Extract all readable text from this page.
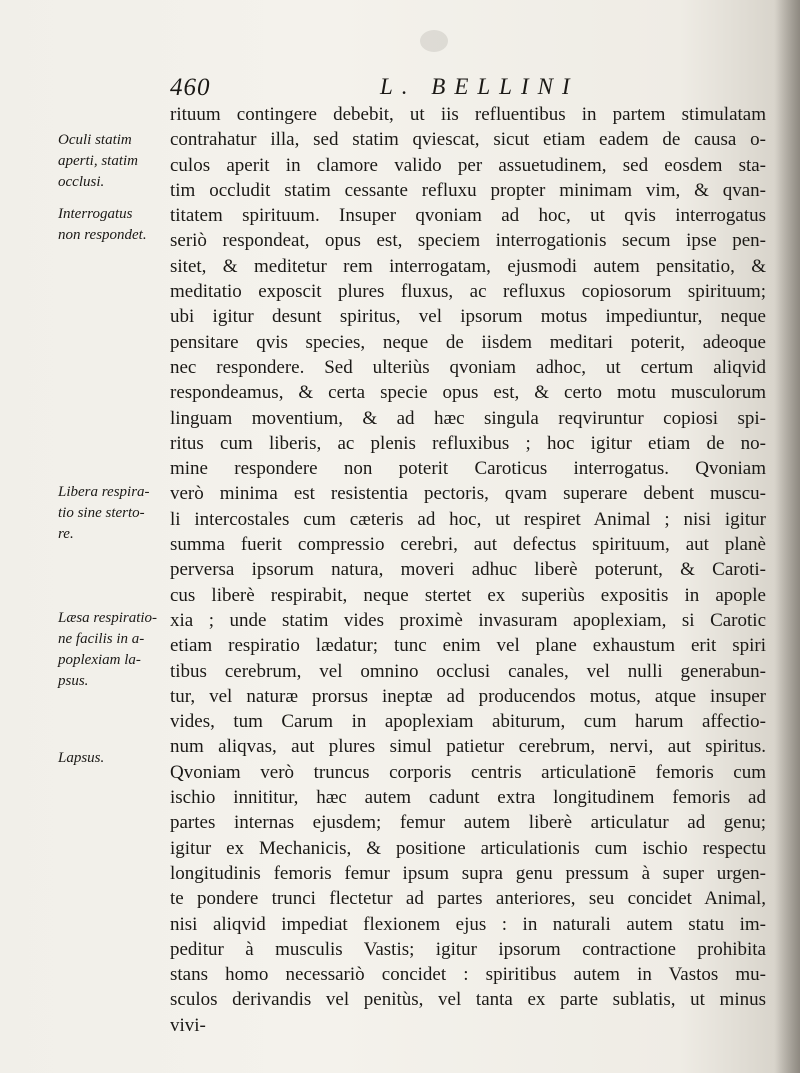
460	L. BELLINI
Oculi statim
aperti, statim
occlusi.
Interrogatus
non respondet.
Libera respira-
tio sine sterto-
re.
Læsa respiratio-
ne facilis in a-
poplexiam la-
psus.
Lapsus.
rituum contingere debebit, ut iis refluentibus in partem stimulatam
contrahatur illa, sed statim qviescat, sicut etiam eadem de causa o-
culos aperit in clamore valido per assuetudinem, sed eosdem sta-
tim occludit statim cessante refluxu propter minimam vim, & qvan-
titatem spirituum. Insuper qvoniam ad hoc, ut qvis interrogatus
seriò respondeat, opus est, speciem interrogationis secum ipse pen-
sitet, & meditetur rem interrogatam, ejusmodi autem pensitatio, &
meditatio exposcit plures fluxus, ac refluxus copiosorum spirituum;
ubi igitur desunt spiritus, vel ipsorum motus impediuntur, neque
pensitare qvis species, neque de iisdem meditari poterit, adeoque
nec respondere. Sed ulteriùs qvoniam adhoc, ut certum aliqvid
respondeamus, & certa specie opus est, & certo motu musculorum
linguam moventium, & ad hæc singula reqviruntur copiosi spi-
ritus cum liberis, ac plenis refluxibus ; hoc igitur etiam de no-
mine respondere non poterit Caroticus interrogatus. Qvoniam
verò minima est resistentia pectoris, qvam superare debent muscu-
li intercostales cum cæteris ad hoc, ut respiret Animal ; nisi igitur
summa fuerit compressio cerebri, aut defectus spirituum, aut planè
perversa ipsorum natura, moveri adhuc liberè poterunt, & Caroti-
cus liberè respirabit, neque stertet ex superiùs expositis in apople
xia ; unde statim vides proximè invasuram apoplexiam, si Carotic
etiam respiratio lædatur; tunc enim vel plane exhaustum erit spiri
tibus cerebrum, vel omnino occlusi canales, vel nulli generabun-
tur, vel naturæ prorsus ineptæ ad producendos motus, atque insuper
vides, tum Carum in apoplexiam abiturum, cum harum affectio-
num aliqvas, aut plures simul patietur cerebrum, nervi, aut spiritus.
Qvoniam verò truncus corporis centris articulationē femoris cum
ischio innititur, hæc autem cadunt extra longitudinem femoris ad
partes internas ejusdem; femur autem liberè articulatur ad genu;
igitur ex Mechanicis, & positione articulationis cum ischio respectu
longitudinis femoris femur ipsum supra genu pressum à super urgen-
te pondere trunci flectetur ad partes anteriores, seu concidet Animal,
nisi aliqvid impediat flexionem ejus : in naturali autem statu im-
peditur à musculis Vastis; igitur ipsorum contractione prohibita
stans homo necessariò concidet : spiritibus autem in Vastos mu-
sculos derivandis vel penitùs, vel tanta ex parte sublatis, ut minus
vivi-
